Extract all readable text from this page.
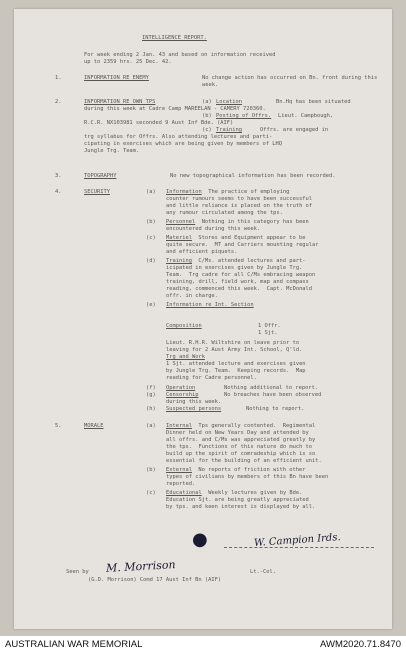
INTELLIGENCE REPORT.
For week ending 2 Jan. 43 and based on information received
up to 2359 hrs. 25 Dec. 42.
1.	INFORMATION RE ENEMY	No change action has occurred on Bn. front during this week.
2.	INFORMATION RE OWN TPS	(a) Location	Bn.Hq has been situated
during this week at Cadre Camp MAREELAN - CAMERY 720360.
(b) Posting of Offrs. Lieut. Campbough,
R.C.R. NX103981 seconded 9 Aust Inf Bde. (AIF)
(c) Training	Offrs. are engaged in
trg syllabus for Offrs. Also attending lectures and parti-
cipating in exercises which are being given by members of LHQ
Jungle Trg. Team.
3.	TOPOGRAPHY	No new topographical information has been recorded.
4.	SECURITY	(a) Information The practice of employing
counter rumours seems to have been successful
and little reliance is placed on the truth of
any rumour circulated among the tps.
(b) Personnel Nothing in this category has been
encountered during this week.
(c) Materiel Stores and Equipment appear to be
quite secure.  MT and Carriers mounting regular
and efficient piquets.
(d) Training C/Ms. attended lectures and part-
icipated in exercises given by Jungle Trg.
Team.  Trg cadre for all C/Ms embracing weapon
training, drill, field work, map and compass
reading, commenced this week.  Capt. McDonald
offr. in charge.
(e) Information re Int. Section
Composition	1 Offr.
1 Sjt.
Lieut. R.H.R. Wiltshire on leave prior to
leaving for 2 Aust Army Int. School, Q'ld.
Trg and Work
1 Sjt. attended lecture and exercises given
by Jungle Trg. Team.  Keeping records.  Map
reading for Cadre personnel.
(f) Operation	Nothing additional to report.
(g) Censorship	No breaches have been observed
during this week.
(h) Suspected persons	Nothing to report.
5.	MORALE	(a) Internal Tps generally contented.  Regimental
Dinner held on New Years Day and attended by
all offrs. and C/Ms was appreciated greatly by
the tps.  Functions of this nature do much to
build up the spirit of comradeship which is so
essential for the building of an efficient unit.
(b) External No reports of friction with other
types of civilians by members of this Bn have been
reported.
(c) Educational Weekly lectures given by Bde.
Education Sjt. are being greatly appreciated
by tps. and keen interest is displayed by all.
●	W. Campion Irds.
Lt.-Col.
Seen by M. Morrison
(G.D. Morrison) Comd 17 Aust Inf Bn (AIF)
AUSTRALIAN WAR MEMORIAL	AWM2020.71.8470
